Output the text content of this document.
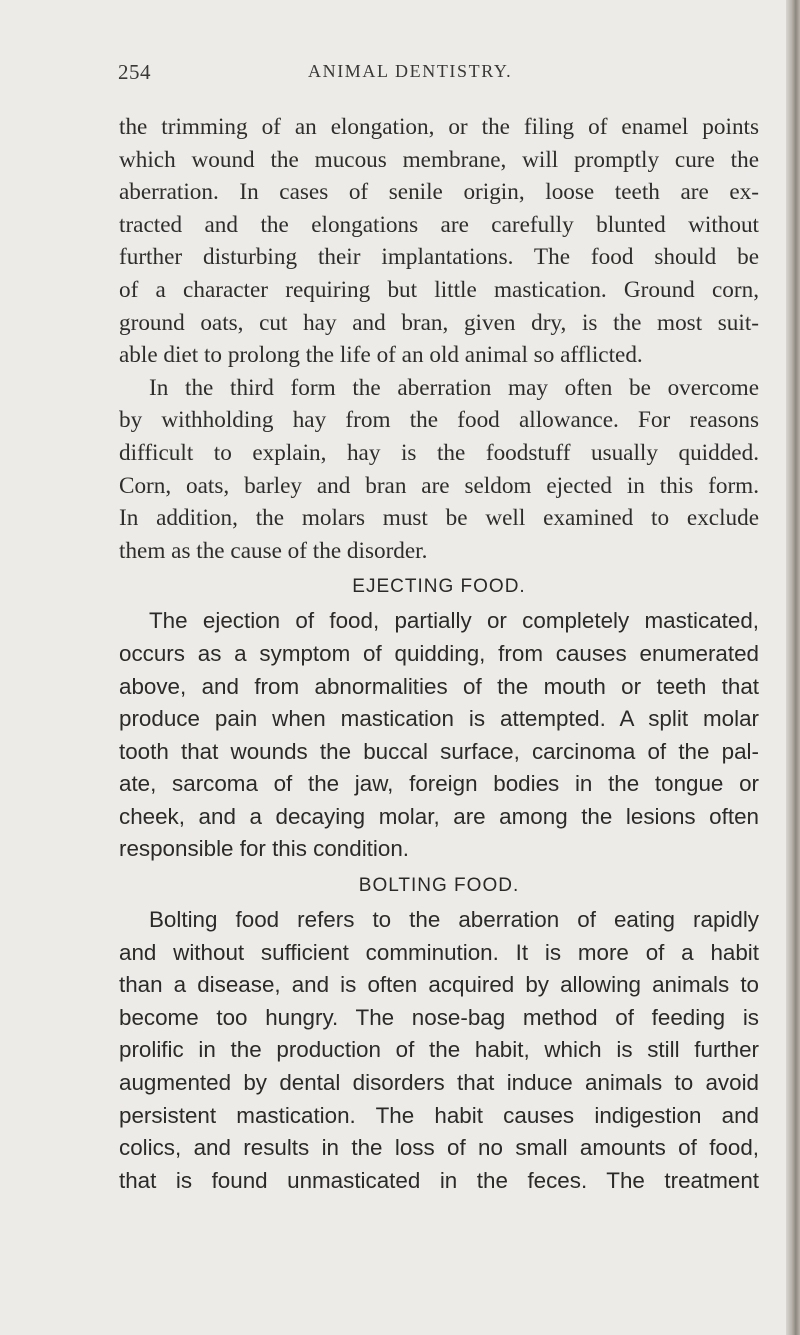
254	ANIMAL DENTISTRY.
the trimming of an elongation, or the filing of enamel points
which wound the mucous membrane, will promptly cure the
aberration. In cases of senile origin, loose teeth are ex-
tracted and the elongations are carefully blunted without
further disturbing their implantations. The food should be
of a character requiring but little mastication. Ground corn,
ground oats, cut hay and bran, given dry, is the most suit-
able diet to prolong the life of an old animal so afflicted.
In the third form the aberration may often be overcome
by withholding hay from the food allowance. For reasons
difficult to explain, hay is the foodstuff usually quidded.
Corn, oats, barley and bran are seldom ejected in this form.
In addition, the molars must be well examined to exclude
them as the cause of the disorder.
EJECTING FOOD.
The ejection of food, partially or completely masticated,
occurs as a symptom of quidding, from causes enumerated
above, and from abnormalities of the mouth or teeth that
produce pain when mastication is attempted. A split molar
tooth that wounds the buccal surface, carcinoma of the pal-
ate, sarcoma of the jaw, foreign bodies in the tongue or
cheek, and a decaying molar, are among the lesions often
responsible for this condition.
BOLTING FOOD.
Bolting food refers to the aberration of eating rapidly
and without sufficient comminution. It is more of a habit
than a disease, and is often acquired by allowing animals to
become too hungry. The nose-bag method of feeding is
prolific in the production of the habit, which is still further
augmented by dental disorders that induce animals to avoid
persistent mastication. The habit causes indigestion and
colics, and results in the loss of no small amounts of food,
that is found unmasticated in the feces. The treatment
